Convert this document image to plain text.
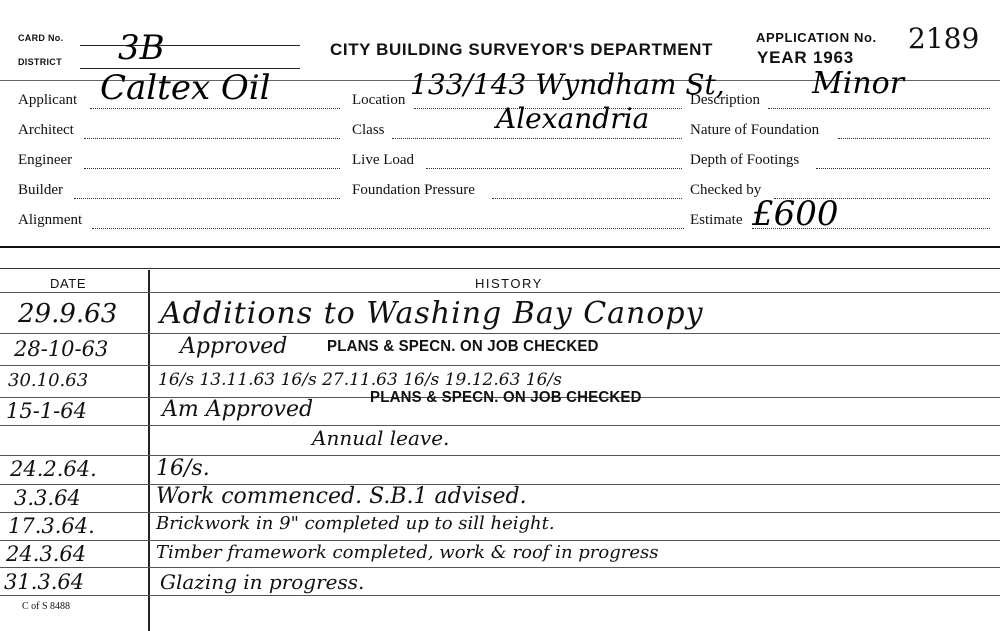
CARD No.
DISTRICT 3B	CITY BUILDING SURVEYOR'S DEPARTMENT
APPLICATION No. 2189
YEAR 1963
Applicant Caltex Oil
Architect
Engineer
Builder
Alignment
Location 133/143 Wyndham St,
Alexandria
Class
Live Load
Foundation Pressure
Description Minor
Nature of Foundation
Depth of Footings
Checked by
Estimate £600
DATE	HISTORY
29.9.63 Additions to Washing Bay Canopy
28-10-63	Approved	PLANS & SPECN. ON JOB CHECKED
30.10.63	16/s 13.11.63 16/s 27.11.63 16/s 19.12.63 16/s
15-1-64	Am Approved	PLANS & SPECN. ON JOB CHECKED
Annual leave.
24.2.64.	16/s.
3.3.64	Work commenced. S.B.1 advised.
17.3.64.	Brickwork in 9" completed up to sill height.
24.3.64	Timber framework completed, work & roof in progress
31.3.64	Glazing in progress.
C of S 8488
